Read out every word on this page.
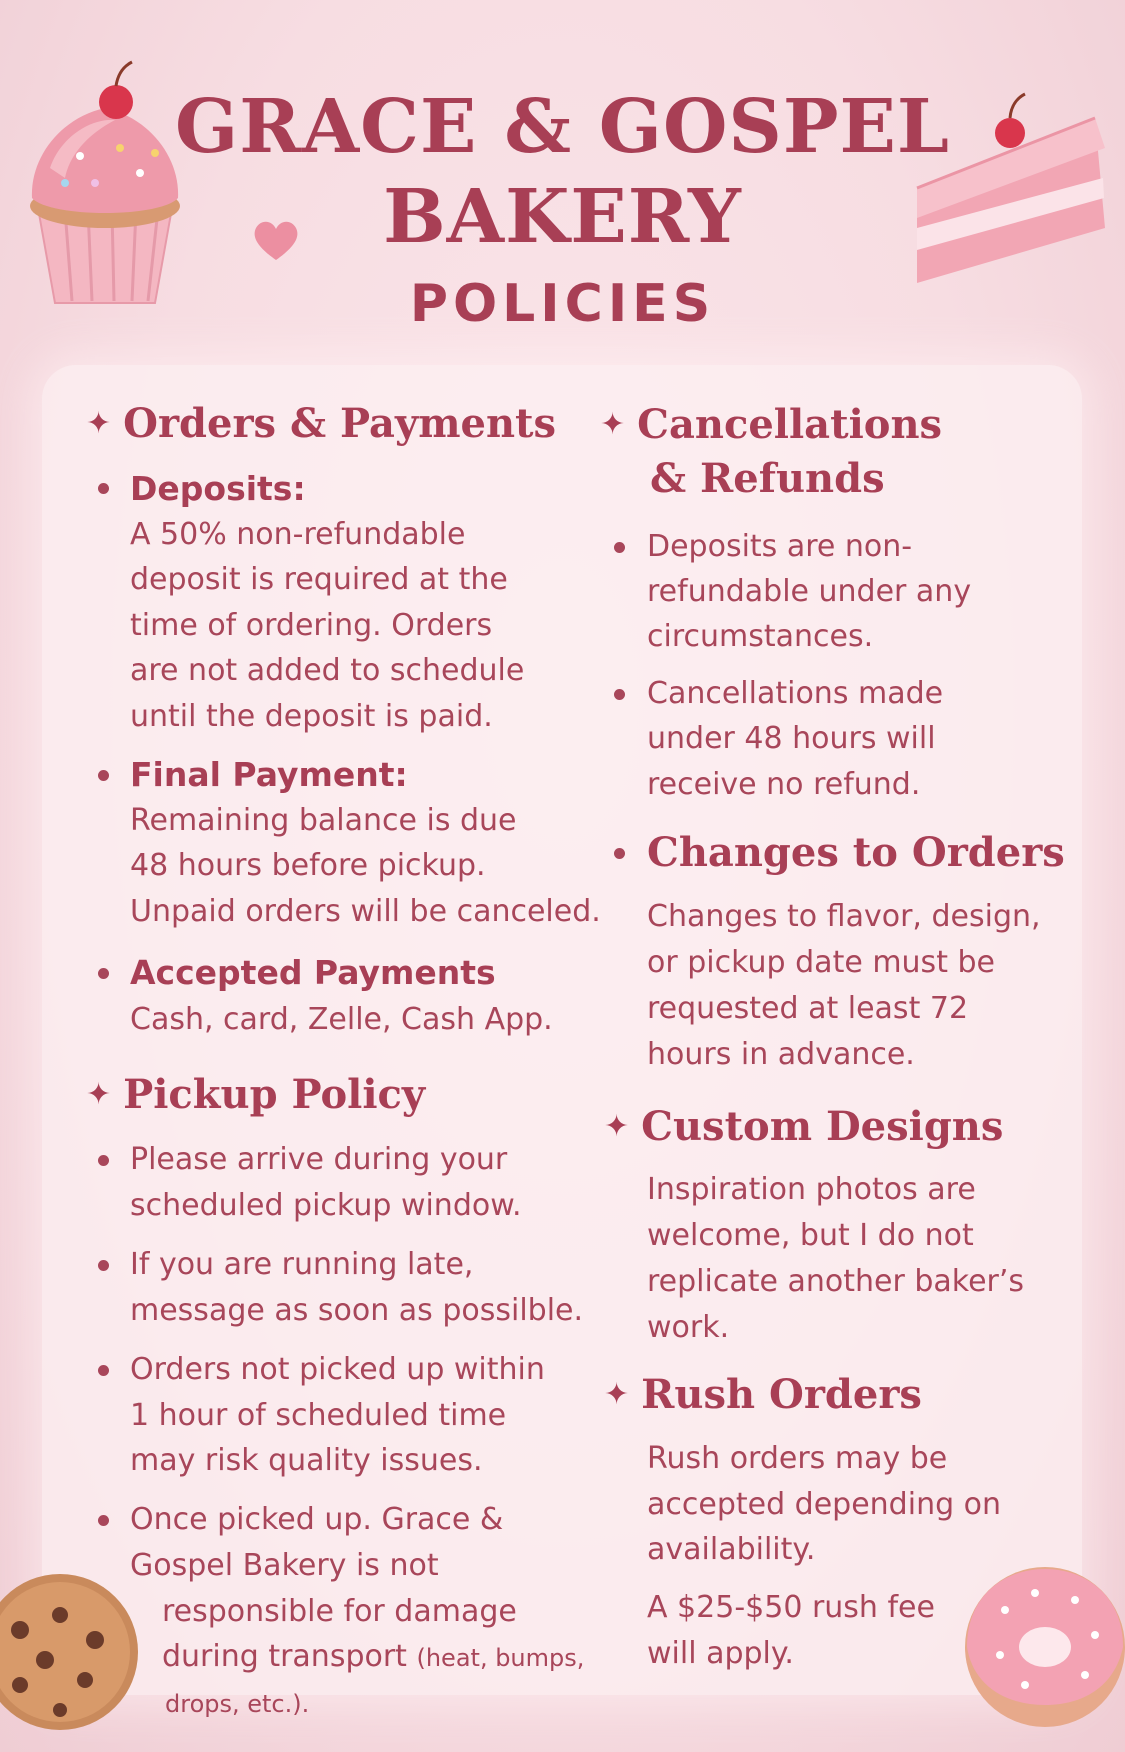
GRACE & GOSPEL
BAKERY
POLICIES
✦ Orders & Payments
Deposits:
A 50% non-refundable
deposit is required at the
time of ordering. Orders
are not added to schedule
until the deposit is paid.
Final Payment:
Remaining balance is due
48 hours before pickup.
Unpaid orders will be canceled.
Accepted Payments
Cash, card, Zelle, Cash App.
✦ Pickup Policy
Please arrive during your
scheduled pickup window.
If you are running late,
message as soon as possilble.
Orders not picked up within
1 hour of scheduled time
may risk quality issues.
Once picked up. Grace &
Gospel Bakery is not
responsible for damage
during transport (heat, bumps,
drops, etc.).
✦ Cancellations
& Refunds
Deposits are non-
refundable under any
circumstances.
Cancellations made
under 48 hours will
receive no refund.
Changes to Orders
Changes to flavor, design,
or pickup date must be
requested at least 72
hours in advance.
✦ Custom Designs
Inspiration photos are
welcome, but I do not
replicate another baker’s
work.
✦ Rush Orders
Rush orders may be
accepted depending on
availability.
A $25-$50 rush fee
will apply.
